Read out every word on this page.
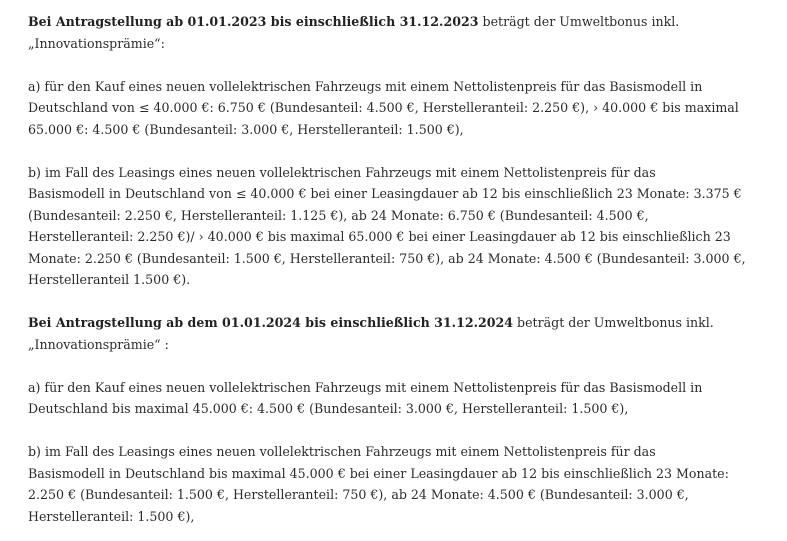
Bei Antragstellung ab 01.01.2023 bis einschließlich 31.12.2023 beträgt der Umweltbonus inkl.
„Innovationsprämie“:
a) für den Kauf eines neuen vollelektrischen Fahrzeugs mit einem Nettolistenpreis für das Basismodell in
Deutschland von ≤ 40.000 €: 6.750 € (Bundesanteil: 4.500 €, Herstelleranteil: 2.250 €), › 40.000 € bis maximal
65.000 €: 4.500 € (Bundesanteil: 3.000 €, Herstelleranteil: 1.500 €),
b) im Fall des Leasings eines neuen vollelektrischen Fahrzeugs mit einem Nettolistenpreis für das
Basismodell in Deutschland von ≤ 40.000 € bei einer Leasingdauer ab 12 bis einschließlich 23 Monate: 3.375 €
(Bundesanteil: 2.250 €, Herstelleranteil: 1.125 €), ab 24 Monate: 6.750 € (Bundesanteil: 4.500 €,
Herstelleranteil: 2.250 €)/ › 40.000 € bis maximal 65.000 € bei einer Leasingdauer ab 12 bis einschließlich 23
Monate: 2.250 € (Bundesanteil: 1.500 €, Herstelleranteil: 750 €), ab 24 Monate: 4.500 € (Bundesanteil: 3.000 €,
Herstelleranteil 1.500 €).
Bei Antragstellung ab dem 01.01.2024 bis einschließlich 31.12.2024 beträgt der Umweltbonus inkl.
„Innovationsprämie“ :
a) für den Kauf eines neuen vollelektrischen Fahrzeugs mit einem Nettolistenpreis für das Basismodell in
Deutschland bis maximal 45.000 €: 4.500 € (Bundesanteil: 3.000 €, Herstelleranteil: 1.500 €),
b) im Fall des Leasings eines neuen vollelektrischen Fahrzeugs mit einem Nettolistenpreis für das
Basismodell in Deutschland bis maximal 45.000 € bei einer Leasingdauer ab 12 bis einschließlich 23 Monate:
2.250 € (Bundesanteil: 1.500 €, Herstelleranteil: 750 €), ab 24 Monate: 4.500 € (Bundesanteil: 3.000 €,
Herstelleranteil: 1.500 €),
